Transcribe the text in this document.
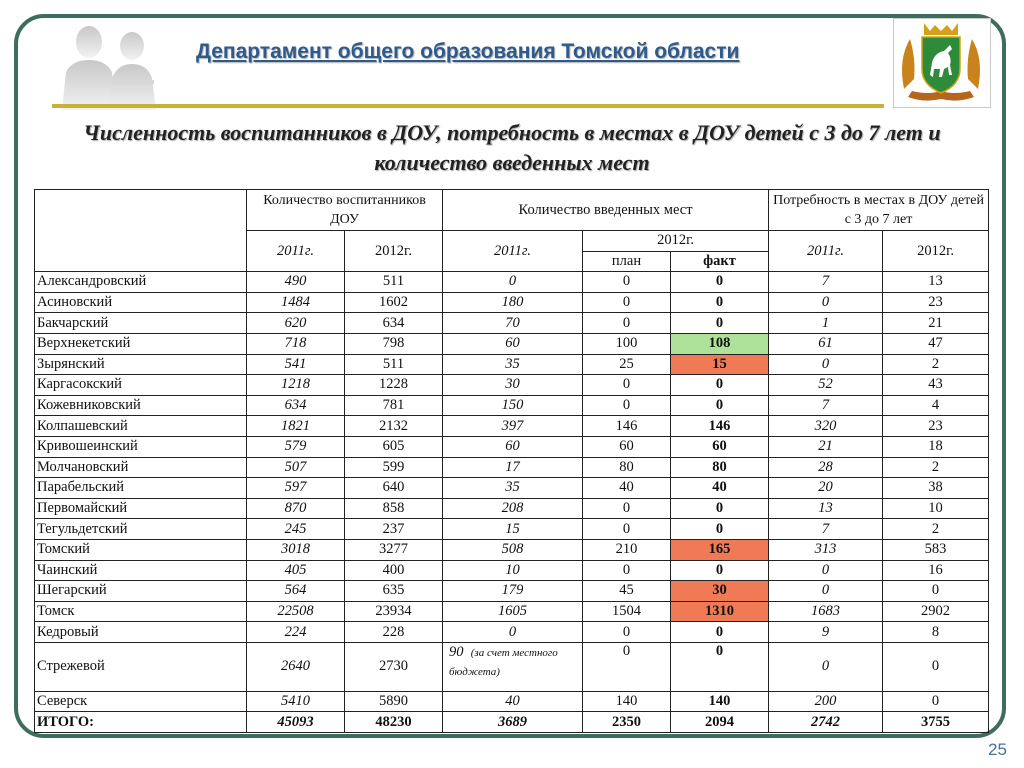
Департамент общего образования Томской области
Численность воспитанников в ДОУ, потребность в местах в ДОУ детей с 3 до 7 лет и количество введенных мест
	Количество воспитанников ДОУ		Количество введенных мест			Потребность в местах в ДОУ детей с 3 до 7 лет	
	2011г.	2012г.	2011г.	2012г.		2011г.	2012г.
				план	факт		
Александровский	490	511	0	0	0	7	13
Асиновский	1484	1602	180	0	0	0	23
Бакчарский	620	634	70	0	0	1	21
Верхнекетский	718	798	60	100	108	61	47
Зырянский	541	511	35	25	15	0	2
Каргасокский	1218	1228	30	0	0	52	43
Кожевниковский	634	781	150	0	0	7	4
Колпашевский	1821	2132	397	146	146	320	23
Кривошеинский	579	605	60	60	60	21	18
Молчановский	507	599	17	80	80	28	2
Парабельский	597	640	35	40	40	20	38
Первомайский	870	858	208	0	0	13	10
Тегульдетский	245	237	15	0	0	7	2
Томский	3018	3277	508	210	165	313	583
Чаинский	405	400	10	0	0	0	16
Шегарский	564	635	179	45	30	0	0
Томск	22508	23934	1605	1504	1310	1683	2902
Кедровый	224	228	0	0	0	9	8
Стрежевой	2640	2730	90 (за счет местного бюджета)	0	0	0	0
Северск	5410	5890	40	140	140	200	0
ИТОГО:	45093	48230	3689	2350	2094	2742	3755
25
